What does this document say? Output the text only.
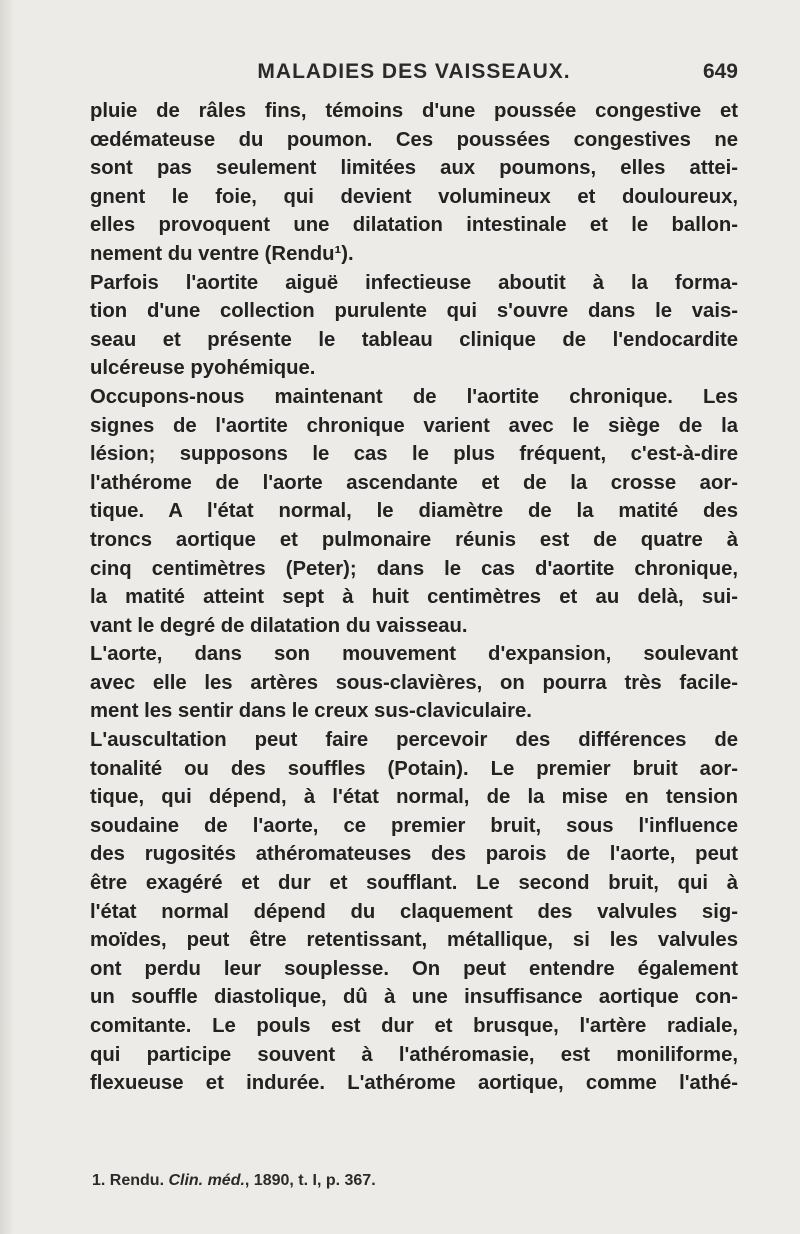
MALADIES DES VAISSEAUX.	649
pluie de râles fins, témoins d'une poussée congestive et
œdémateuse du poumon. Ces poussées congestives ne
sont pas seulement limitées aux poumons, elles attei-
gnent le foie, qui devient volumineux et douloureux,
elles provoquent une dilatation intestinale et le ballon-
nement du ventre (Rendu¹).
Parfois l'aortite aiguë infectieuse aboutit à la forma-
tion d'une collection purulente qui s'ouvre dans le vais-
seau et présente le tableau clinique de l'endocardite
ulcéreuse pyohémique.
Occupons-nous maintenant de l'aortite chronique. Les
signes de l'aortite chronique varient avec le siège de la
lésion; supposons le cas le plus fréquent, c'est-à-dire
l'athérome de l'aorte ascendante et de la crosse aor-
tique. A l'état normal, le diamètre de la matité des
troncs aortique et pulmonaire réunis est de quatre à
cinq centimètres (Peter); dans le cas d'aortite chronique,
la matité atteint sept à huit centimètres et au delà, sui-
vant le degré de dilatation du vaisseau.
L'aorte, dans son mouvement d'expansion, soulevant
avec elle les artères sous-clavières, on pourra très facile-
ment les sentir dans le creux sus-claviculaire.
L'auscultation peut faire percevoir des différences de
tonalité ou des souffles (Potain). Le premier bruit aor-
tique, qui dépend, à l'état normal, de la mise en tension
soudaine de l'aorte, ce premier bruit, sous l'influence
des rugosités athéromateuses des parois de l'aorte, peut
être exagéré et dur et soufflant. Le second bruit, qui à
l'état normal dépend du claquement des valvules sig-
moïdes, peut être retentissant, métallique, si les valvules
ont perdu leur souplesse. On peut entendre également
un souffle diastolique, dû à une insuffisance aortique con-
comitante. Le pouls est dur et brusque, l'artère radiale,
qui participe souvent à l'athéromasie, est moniliforme,
flexueuse et indurée. L'athérome aortique, comme l'athé-
1. Rendu. Clin. méd., 1890, t. I, p. 367.
